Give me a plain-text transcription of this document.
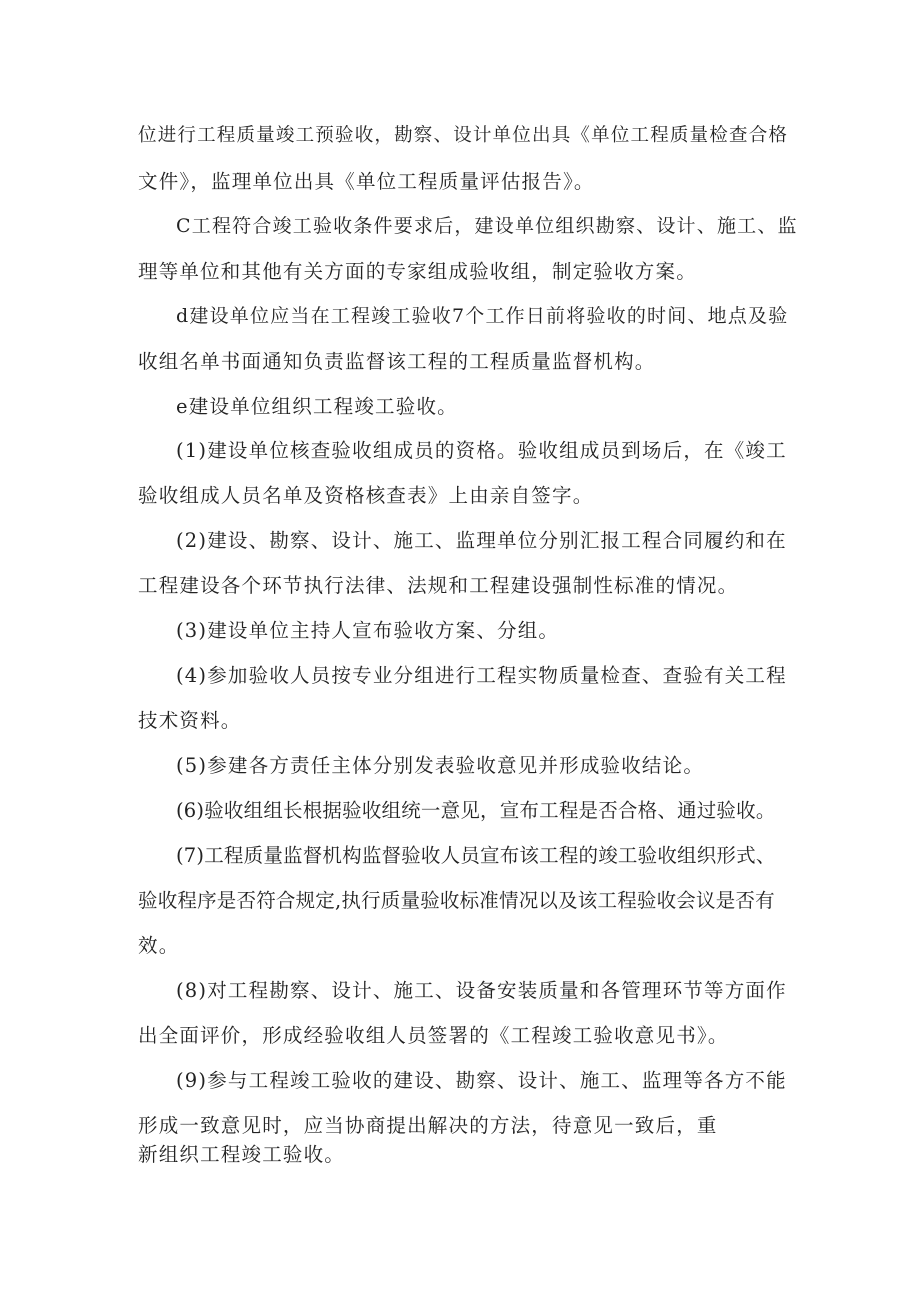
位进行工程质量竣工预验收，勘察、设计单位出具《单位工程质量检查合格
文件》，监理单位出具《单位工程质量评估报告》。
C工程符合竣工验收条件要求后，建设单位组织勘察、设计、施工、监
理等单位和其他有关方面的专家组成验收组，制定验收方案。
d建设单位应当在工程竣工验收7个工作日前将验收的时间、地点及验
收组名单书面通知负责监督该工程的工程质量监督机构。
e建设单位组织工程竣工验收。
(1)建设单位核查验收组成员的资格。验收组成员到场后，在《竣工
验收组成人员名单及资格核查表》上由亲自签字。
(2)建设、勘察、设计、施工、监理单位分别汇报工程合同履约和在
工程建设各个环节执行法律、法规和工程建设强制性标准的情况。
(3)建设单位主持人宣布验收方案、分组。
(4)参加验收人员按专业分组进行工程实物质量检查、查验有关工程
技术资料。
(5)参建各方责任主体分别发表验收意见并形成验收结论。
(6)验收组组长根据验收组统一意见，宣布工程是否合格、通过验收。
(7)工程质量监督机构监督验收人员宣布该工程的竣工验收组织形式、
验收程序是否符合规定,执行质量验收标准情况以及该工程验收会议是否有
效。
(8)对工程勘察、设计、施工、设备安装质量和各管理环节等方面作
出全面评价，形成经验收组人员签署的《工程竣工验收意见书》。
(9)参与工程竣工验收的建设、勘察、设计、施工、监理等各方不能
形成一致意见时，应当协商提出解决的方法，待意见一致后，重
新组织工程竣工验收。
